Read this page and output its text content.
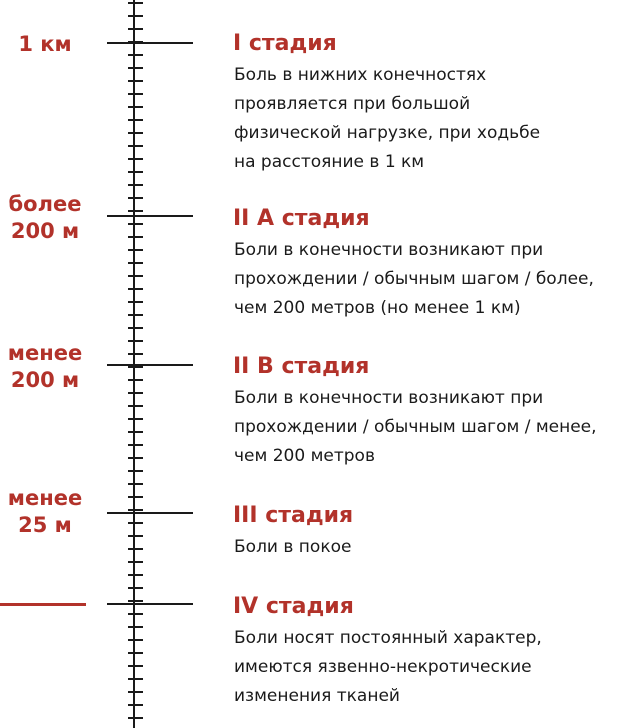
1 км
более
200 м
менее
200 м
менее
25 м
I стадия
Боль в нижних конечностях
проявляется при большой
физической нагрузке, при ходьбе
на расстояние в 1 км
II А стадия
Боли в конечности возникают при
прохождении / обычным шагом / более,
чем 200 метров (но менее 1 км)
II В стадия
Боли в конечности возникают при
прохождении / обычным шагом / менее,
чем 200 метров
III стадия
Боли в покое
IV стадия
Боли носят постоянный характер,
имеются язвенно-некротические
изменения тканей
